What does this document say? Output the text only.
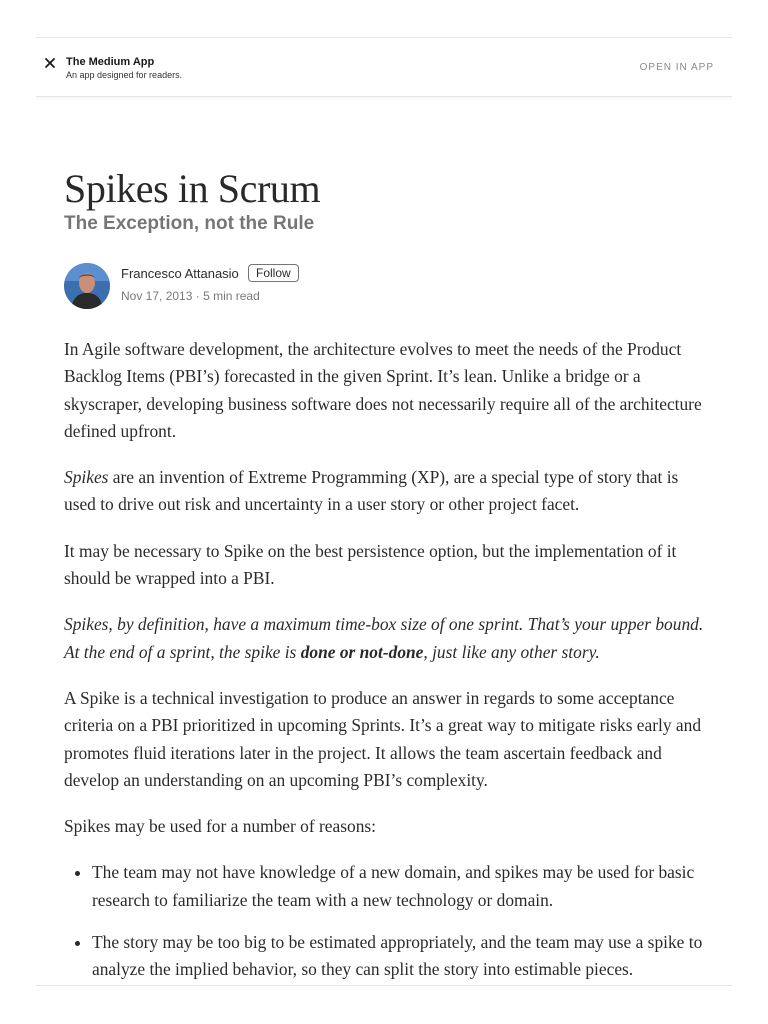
The Medium App
An app designed for readers.
OPEN IN APP
Spikes in Scrum
The Exception, not the Rule
Francesco Attanasio	Follow
Nov 17, 2013 · 5 min read

In Agile software development, the architecture evolves to meet the needs of the Product Backlog Items (PBI’s) forecasted in the given Sprint. It’s lean. Unlike a bridge or a skyscraper, developing business software does not necessarily require all of the architecture defined upfront.

Spikes are an invention of Extreme Programming (XP), are a special type of story that is used to drive out risk and uncertainty in a user story or other project facet.

It may be necessary to Spike on the best persistence option, but the implementation of it should be wrapped into a PBI.

Spikes, by definition, have a maximum time-box size of one sprint. That’s your upper bound. At the end of a sprint, the spike is done or not-done, just like any other story.

A Spike is a technical investigation to produce an answer in regards to some acceptance criteria on a PBI prioritized in upcoming Sprints. It’s a great way to mitigate risks early and promotes fluid iterations later in the project. It allows the team ascertain feedback and develop an understanding on an upcoming PBI’s complexity.

Spikes may be used for a number of reasons:

• The team may not have knowledge of a new domain, and spikes may be used for basic research to familiarize the team with a new technology or domain.
• The story may be too big to be estimated appropriately, and the team may use a spike to analyze the implied behavior, so they can split the story into estimable pieces.
